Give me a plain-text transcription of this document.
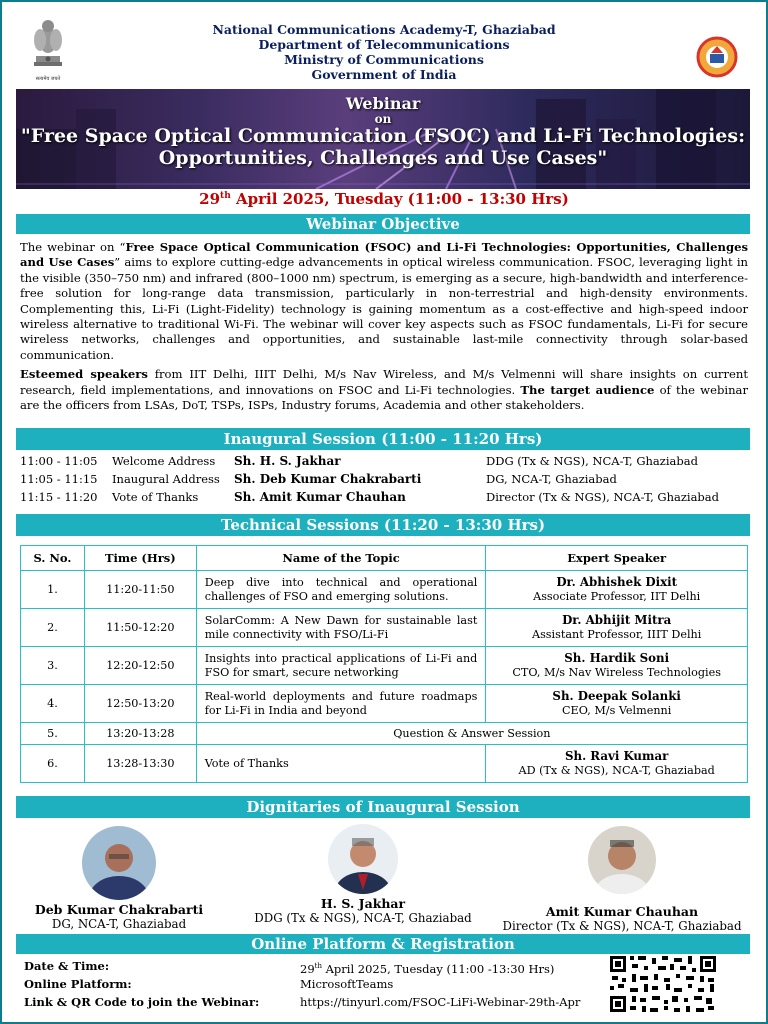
सत्यमेव जयते
National Communications Academy-T, Ghaziabad
Department of Telecommunications
Ministry of Communications
Government of India
Webinar
on
"Free Space Optical Communication (FSOC) and Li-Fi Technologies:
Opportunities, Challenges and Use Cases"
29th April 2025, Tuesday (11:00 - 13:30 Hrs)
Webinar Objective

The webinar on “Free Space Optical Communication (FSOC) and Li-Fi Technologies: Opportunities, Challenges and Use Cases” aims to explore cutting-edge advancements in optical wireless communication. FSOC, leveraging light in the visible (350–750 nm) and infrared (800–1000 nm) spectrum, is emerging as a secure, high-bandwidth and interference-free solution for long-range data transmission, particularly in non-terrestrial and high-density environments. Complementing this, Li-Fi (Light-Fidelity) technology is gaining momentum as a cost-effective and high-speed indoor wireless alternative to traditional Wi-Fi. The webinar will cover key aspects such as FSOC fundamentals, Li-Fi for secure wireless networks, challenges and opportunities, and sustainable last-mile connectivity through solar-based communication.

Esteemed speakers from IIT Delhi, IIIT Delhi, M/s Nav Wireless, and M/s Velmenni will share insights on current research, field implementations, and innovations on FSOC and Li-Fi technologies. The target audience of the webinar are the officers from LSAs, DoT, TSPs, ISPs, Industry forums, Academia and other stakeholders.

Inaugural Session (11:00 - 11:20 Hrs)
11:00 - 11:05 Welcome Address Sh. H. S. Jakhar	DDG (Tx & NGS), NCA-T, Ghaziabad
11:05 - 11:15 Inaugural Address Sh. Deb Kumar Chakrabarti	DG, NCA-T, Ghaziabad
11:15 - 11:20 Vote of Thanks	Sh. Amit Kumar Chauhan	Director (Tx & NGS), NCA-T, Ghaziabad
Technical Sessions (11:20 - 13:30 Hrs)
S. No.	Time (Hrs)	Name of the Topic	Expert Speaker
1.	11:20-11:50	Deep dive into technical and operational challenges of FSO and emerging solutions.	Dr. Abhishek Dixit
Associate Professor, IIT Delhi
2.	11:50-12:20	SolarComm: A New Dawn for sustainable last mile connectivity with FSO/Li-Fi	Dr. Abhijit Mitra
Assistant Professor, IIIT Delhi
3.	12:20-12:50	Insights into practical applications of Li-Fi and FSO for smart, secure networking	Sh. Hardik Soni
CTO, M/s Nav Wireless Technologies
4.	12:50-13:20	Real-world deployments and future roadmaps for Li-Fi in India and beyond	Sh. Deepak Solanki
CEO, M/s Velmenni
5.	13:20-13:28	Question & Answer Session	
6.	13:28-13:30	Vote of Thanks	Sh. Ravi Kumar
AD (Tx & NGS), NCA-T, Ghaziabad
Dignitaries of Inaugural Session
Deb Kumar Chakrabarti
DG, NCA-T, Ghaziabad
H. S. Jakhar
DDG (Tx & NGS), NCA-T, Ghaziabad	Amit Kumar Chauhan
Director (Tx & NGS), NCA-T, Ghaziabad
Online Platform & Registration
Date & Time:	29th April 2025, Tuesday (11:00 -13:30 Hrs)
Online Platform:	MicrosoftTeams
Link & QR Code to join the Webinar:	https://tinyurl.com/FSOC-LiFi-Webinar-29th-Apr
